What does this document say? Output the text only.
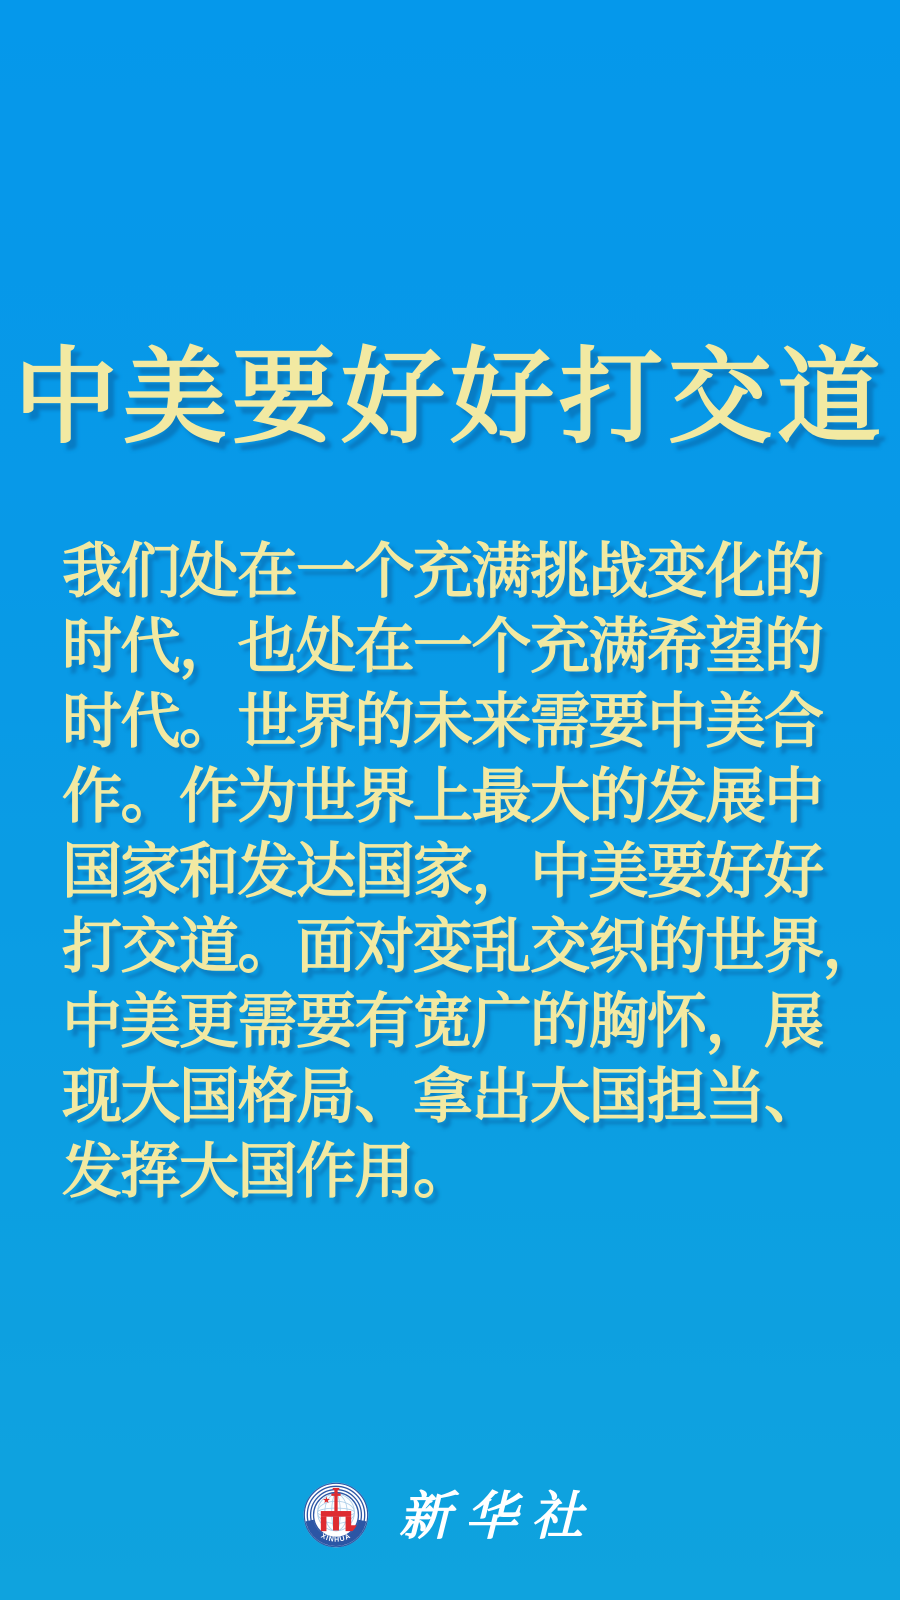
中美要好好打交道
我们处在一个充满挑战变化的
时代，也处在一个充满希望的
时代。世界的未来需要中美合
作。作为世界上最大的发展中
国家和发达国家，中美要好好
打交道。面对变乱交织的世界，
中美更需要有宽广的胸怀，展
现大国格局、拿出大国担当、
发挥大国作用。
XINHUA 新华社
